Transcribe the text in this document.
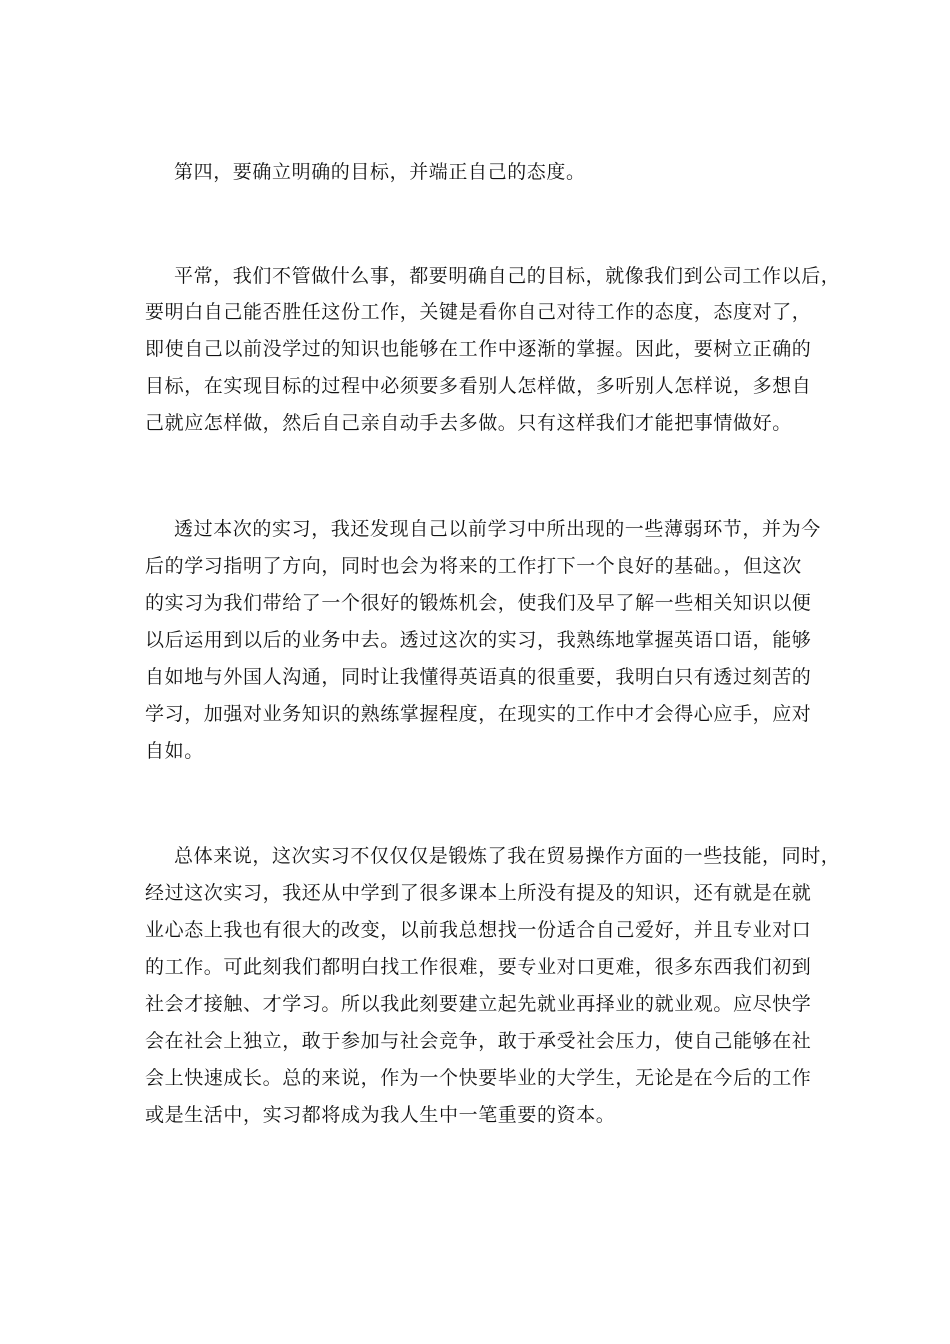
第四，要确立明确的目标，并端正自己的态度。
平常，我们不管做什么事，都要明确自己的目标，就像我们到公司工作以后，
要明白自己能否胜任这份工作，关键是看你自己对待工作的态度，态度对了，
即使自己以前没学过的知识也能够在工作中逐渐的掌握。因此，要树立正确的
目标，在实现目标的过程中必须要多看别人怎样做，多听别人怎样说，多想自
己就应怎样做，然后自己亲自动手去多做。只有这样我们才能把事情做好。
透过本次的实习，我还发现自己以前学习中所出现的一些薄弱环节，并为今
后的学习指明了方向，同时也会为将来的工作打下一个良好的基础。，但这次
的实习为我们带给了一个很好的锻炼机会，使我们及早了解一些相关知识以便
以后运用到以后的业务中去。透过这次的实习，我熟练地掌握英语口语，能够
自如地与外国人沟通，同时让我懂得英语真的很重要，我明白只有透过刻苦的
学习，加强对业务知识的熟练掌握程度，在现实的工作中才会得心应手，应对
自如。
总体来说，这次实习不仅仅仅是锻炼了我在贸易操作方面的一些技能，同时，
经过这次实习，我还从中学到了很多课本上所没有提及的知识，还有就是在就
业心态上我也有很大的改变，以前我总想找一份适合自己爱好，并且专业对口
的工作。可此刻我们都明白找工作很难，要专业对口更难，很多东西我们初到
社会才接触、才学习。所以我此刻要建立起先就业再择业的就业观。应尽快学
会在社会上独立，敢于参加与社会竞争，敢于承受社会压力，使自己能够在社
会上快速成长。总的来说，作为一个快要毕业的大学生，无论是在今后的工作
或是生活中，实习都将成为我人生中一笔重要的资本。
